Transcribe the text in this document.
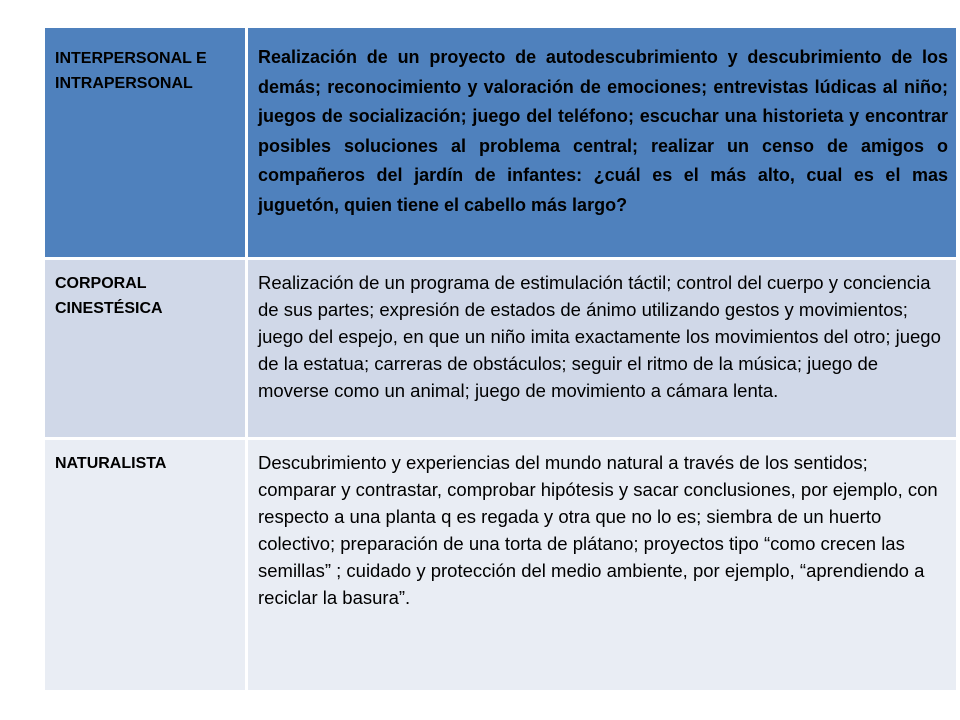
INTERPERSONAL E INTRAPERSONAL	Realización de un proyecto de autodescubrimiento y descubrimiento de los demás; reconocimiento y valoración de emociones; entrevistas lúdicas al niño; juegos de socialización; juego del teléfono; escuchar una historieta y encontrar posibles soluciones al problema central; realizar un censo de amigos o compañeros del jardín de infantes: ¿cuál es el más alto, cual es el mas juguetón, quien tiene el cabello más largo?
CORPORAL CINESTÉSICA	Realización de un programa de estimulación táctil; control del cuerpo y conciencia de sus partes; expresión de estados de ánimo utilizando gestos y movimientos; juego del espejo, en que un niño imita exactamente los movimientos del otro; juego de la estatua; carreras de obstáculos; seguir el ritmo de la música; juego de moverse como un animal; juego de movimiento a cámara lenta.
NATURALISTA	Descubrimiento y experiencias del mundo natural a través de los sentidos; comparar y contrastar, comprobar hipótesis y sacar conclusiones, por ejemplo, con respecto a una planta q es regada y otra que no lo es; siembra de un huerto colectivo; preparación de una torta de plátano; proyectos tipo “como crecen las semillas” ; cuidado y protección del medio ambiente, por ejemplo, “aprendiendo a reciclar la basura”.
